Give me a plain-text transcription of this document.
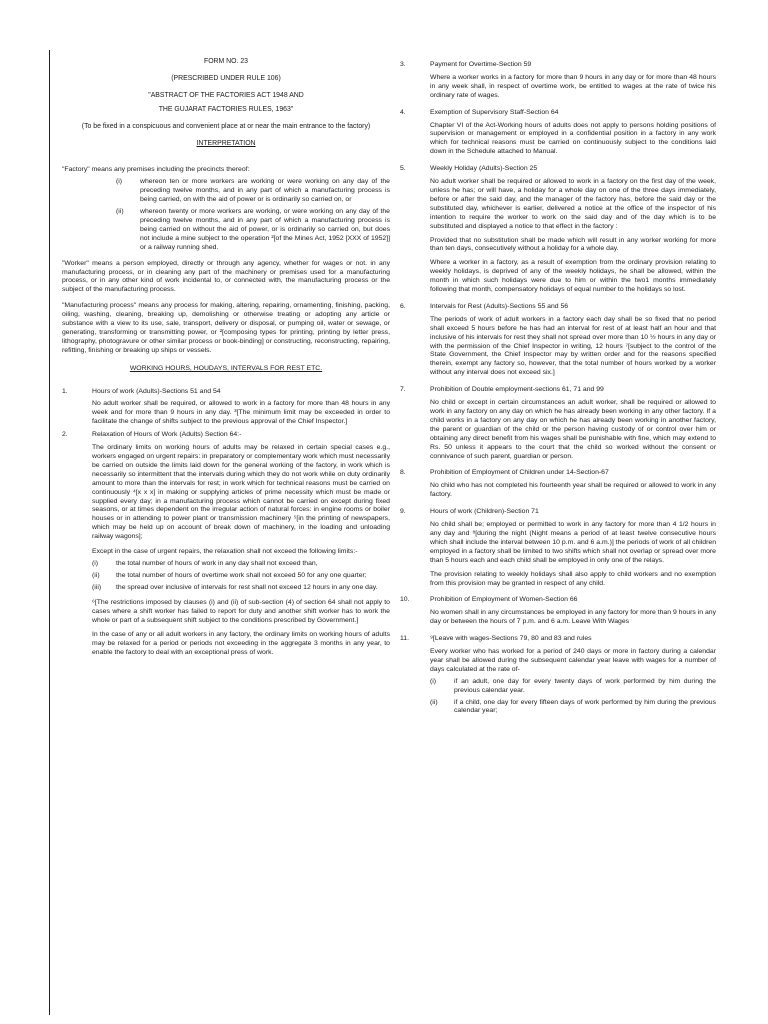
FORM NO. 23
(PRESCRIBED UNDER RULE 106)
"ABSTRACT OF THE FACTORIES ACT 1948 AND
THE GUJARAT FACTORIES RULES, 1963"
(To be fixed in a conspicuous and convenient place at or near the main entrance to the factory)
INTERPRETATION

"Factory" means any premises including the precincts thereof:

(i)	whereon ten or more workers are working or were working on any day of the preceding twelve months, and in any part of which a manufacturing process is being carried, on with the aid of power or is ordinarily so carried on, or
(ii)	whereon twenty or more workers are working, or were working on any day of the preceding twelve months, and in any part of which a manufacturing process is being carried on without the aid of power, or is ordinarily so carried on, but does not include a mine subject to the operation ²[of the Mines Act, 1952 [XXX of 1952]] or a railway running shed.

"Worker" means a person employed, directly or through any agency, whether for wages or not. in any manufacturing process, or in cleaning any part of the machinery or premises used for a manufacturing process, or in any other kind of work incidental to, or connected with, the manufacturing process or the subject of the manufacturing process.

"Manufacturing process" means any process for making, altering, repairing, ornamenting, finishing, packing, oiling, washing, cleaning, breaking up, demolishing or otherwise treating or adopting any article or substance with a view to its use, sale, transport, delivery or disposal, or pumping oil, water or sewage, or generating, transforming or transmitting power, or ²[composing types for printing, printing by letter press, lithography, photogravure or other similar process or book-binding] or constructing, reconstructing, repairing, refitting, finishing or breaking up ships or vessels.

WORKING HOURS, HOUDAYS, INTERVALS FOR REST ETC.
1.	Hours of work (Adults)-Sections 51 and 54

No adult worker shall be required, or allowed to work in a factory for more than 48 hours in any week and for more than 9 hours in any day. ³[The minimum limit may be exceeded in order to facilitate the change of shifts subject to the previous approval of the Chief Inspector.]

2.	Relaxation of Hours of Work (Adults) Section 64:-

The ordinary limits on working hours of adults may be relaxed in certain special cases e.g., workers engaged on urgent repairs: in preparatory or complementary work which must necessarily be carried on outside the limits laid down for the general working of the factory, in work which is necessarily so intermittent that the intervals during which they do not work while on duty ordinarily amount to more than the intervals for rest; in work which for technical reasons must be carried on continuously ⁴[x x x] in making or supplying articles of prime necessity which must be made or supplied every day; in a manufacturing process which cannot be carried on except during fixed seasons, or at times dependent on the irregular action of natural forces: in engine rooms or boiler houses or in attending to power plant or transmission machinery ⁵[in the printing of newspapers, which may be held up on account of break down of machinery, in the loading and unloading railway wagons];

Except in the case of urgent repairs, the relaxation shall not exceed the following limits:-

(i)	the total number of hours of work in any day shall not exceed than,
(ii)	the total number of hours of overtime work shall not exceed 50 for any one quarter;
(iii)	the spread over inclusive of intervals for rest shall not exceed 12 hours in any one day.

⁶[The restrictions imposed by clauses (i) and (ii) of sub-section (4) of section 64 shall not apply to cases where a shift worker has failed to report for duty and another shift worker has to work the whole or part of a subsequent shift subject to the conditions prescribed by Government.]

In the case of any or all adult workers in any factory, the ordinary limits on working hours of adults may be relaxed for a period or periods not exceeding in the aggregate 3 months in any year, to enable the factory to deal with an exceptional press of work.

3.	Payment for Overtime-Section 59

Where a worker works in a factory for more than 9 hours in any day or for more than 48 hours in any week shall, in respect of overtime work, be entitled to wages at the rate of twice his ordinary rate of wages.

4.	Exemption of Supervisory Staff-Section 64

Chapter VI of the Act-Working hours of adults does not apply to persons holding positions of supervision or management or employed in a confidential position in a factory in any work which for technical reasons must be carried on continuously subject to the conditions laid down in the Schedule attached to Manual.

5.	Weekly Holiday (Adults)-Section 25

No adult worker shall be required or allowed to work in a factory on the first day of the week, unless he has; or will have, a holiday for a whole day on one of the three days immediately, before or after the said day, and the manager of the factory has, before the said day or the substituted day, whichever is earlier, delivered a notice at the office of the inspector of his intention to require the worker to work on the said day and of the day which is to be substituted and displayed a notice to that effect in the factory :

Provided that no substitution shall be made which will result in any worker working for more than ten days, consecutively without a holiday for a whole day.

Where a worker in a factory, as a result of exemption from the ordinary provision relating to weekly holidays, is deprived of any of the weekly holidays, he shall be allowed, within the month in which such holidays were due to him or within the two1 months immediately following that month, compensatory holidays of equal number to the holidays so lost.

6.	Intervals for Rest (Adults)-Sections 55 and 56

The periods of work of adult workers in a factory each day shall be so fixed that no period shall exceed 5 hours before he has had an interval for rest of at least half an hour and that inclusive of his intervals for rest they shall not spread over more than 10 ½ hours in any day or with the permission of the Chief Inspector in writing, 12 hours ⁷[subject to the control of the State Government, the Chief Inspector may by written order and for the reasons specified therein, exempt any factory so, however, that the total number of hours worked by a worker without any interval does not exceed six.]

7.	Prohibition of Double employment-sections 61, 71 and 99

No child or except in certain circumstances an adult worker, shall be required or allowed to work in any factory on any day on which he has already been working in any other factory. If a child works in a factory on any day on which he has already been working in another factory, the parent or guardian of the child or the person having custody of or control over him or obtaining any direct benefit from his wages shall be punishable with fine, which may extend to Rs. 50 unless it appears to the court that the child so worked without the consent or connivance of such parent, guardian or person.

8.	Prohibition of Employment of Children under 14-Section-67

No child who has not completed his fourteenth year shall be required or allowed to work in any factory.

9.	Hours of work (Children)-Section 71

No child shall be; employed or permitted to work in any factory for more than 4 1/2 hours in any day and ⁸[during the night (Night means a period of at least twelve consecutive hours which shall include the interval between 10 p.m. and 6 a.m.)] the periods of work of all children employed in a factory shall be limited to two shifts which shall not overlap or spread over more than 5 hours each and each child shall be employed in only one of the relays.

The provision relating to weekly holidays shall also apply to child workers and no exemption from this provision may be granted in respect of any child.

10.	Prohibition of Employment of Women-Section 66

No women shall in any circumstances be employed in any factory for more than 9 hours in any day or between the hours of 7 p.m. and 6 a.m. Leave With Wages

11.	⁹[Leave with wages-Sections 79, 80 and 83 and rules

Every worker who has worked for a period of 240 days or more in factory during a calendar year shall be allowed during the subsequent calendar year leave with wages for a number of days calculated at the rate of-

(i)	if an adult, one day for every twenty days of work performed by him during the previous calendar year.
(ii)	if a child, one day for every fifteen days of work performed by him during the previous calendar year;
